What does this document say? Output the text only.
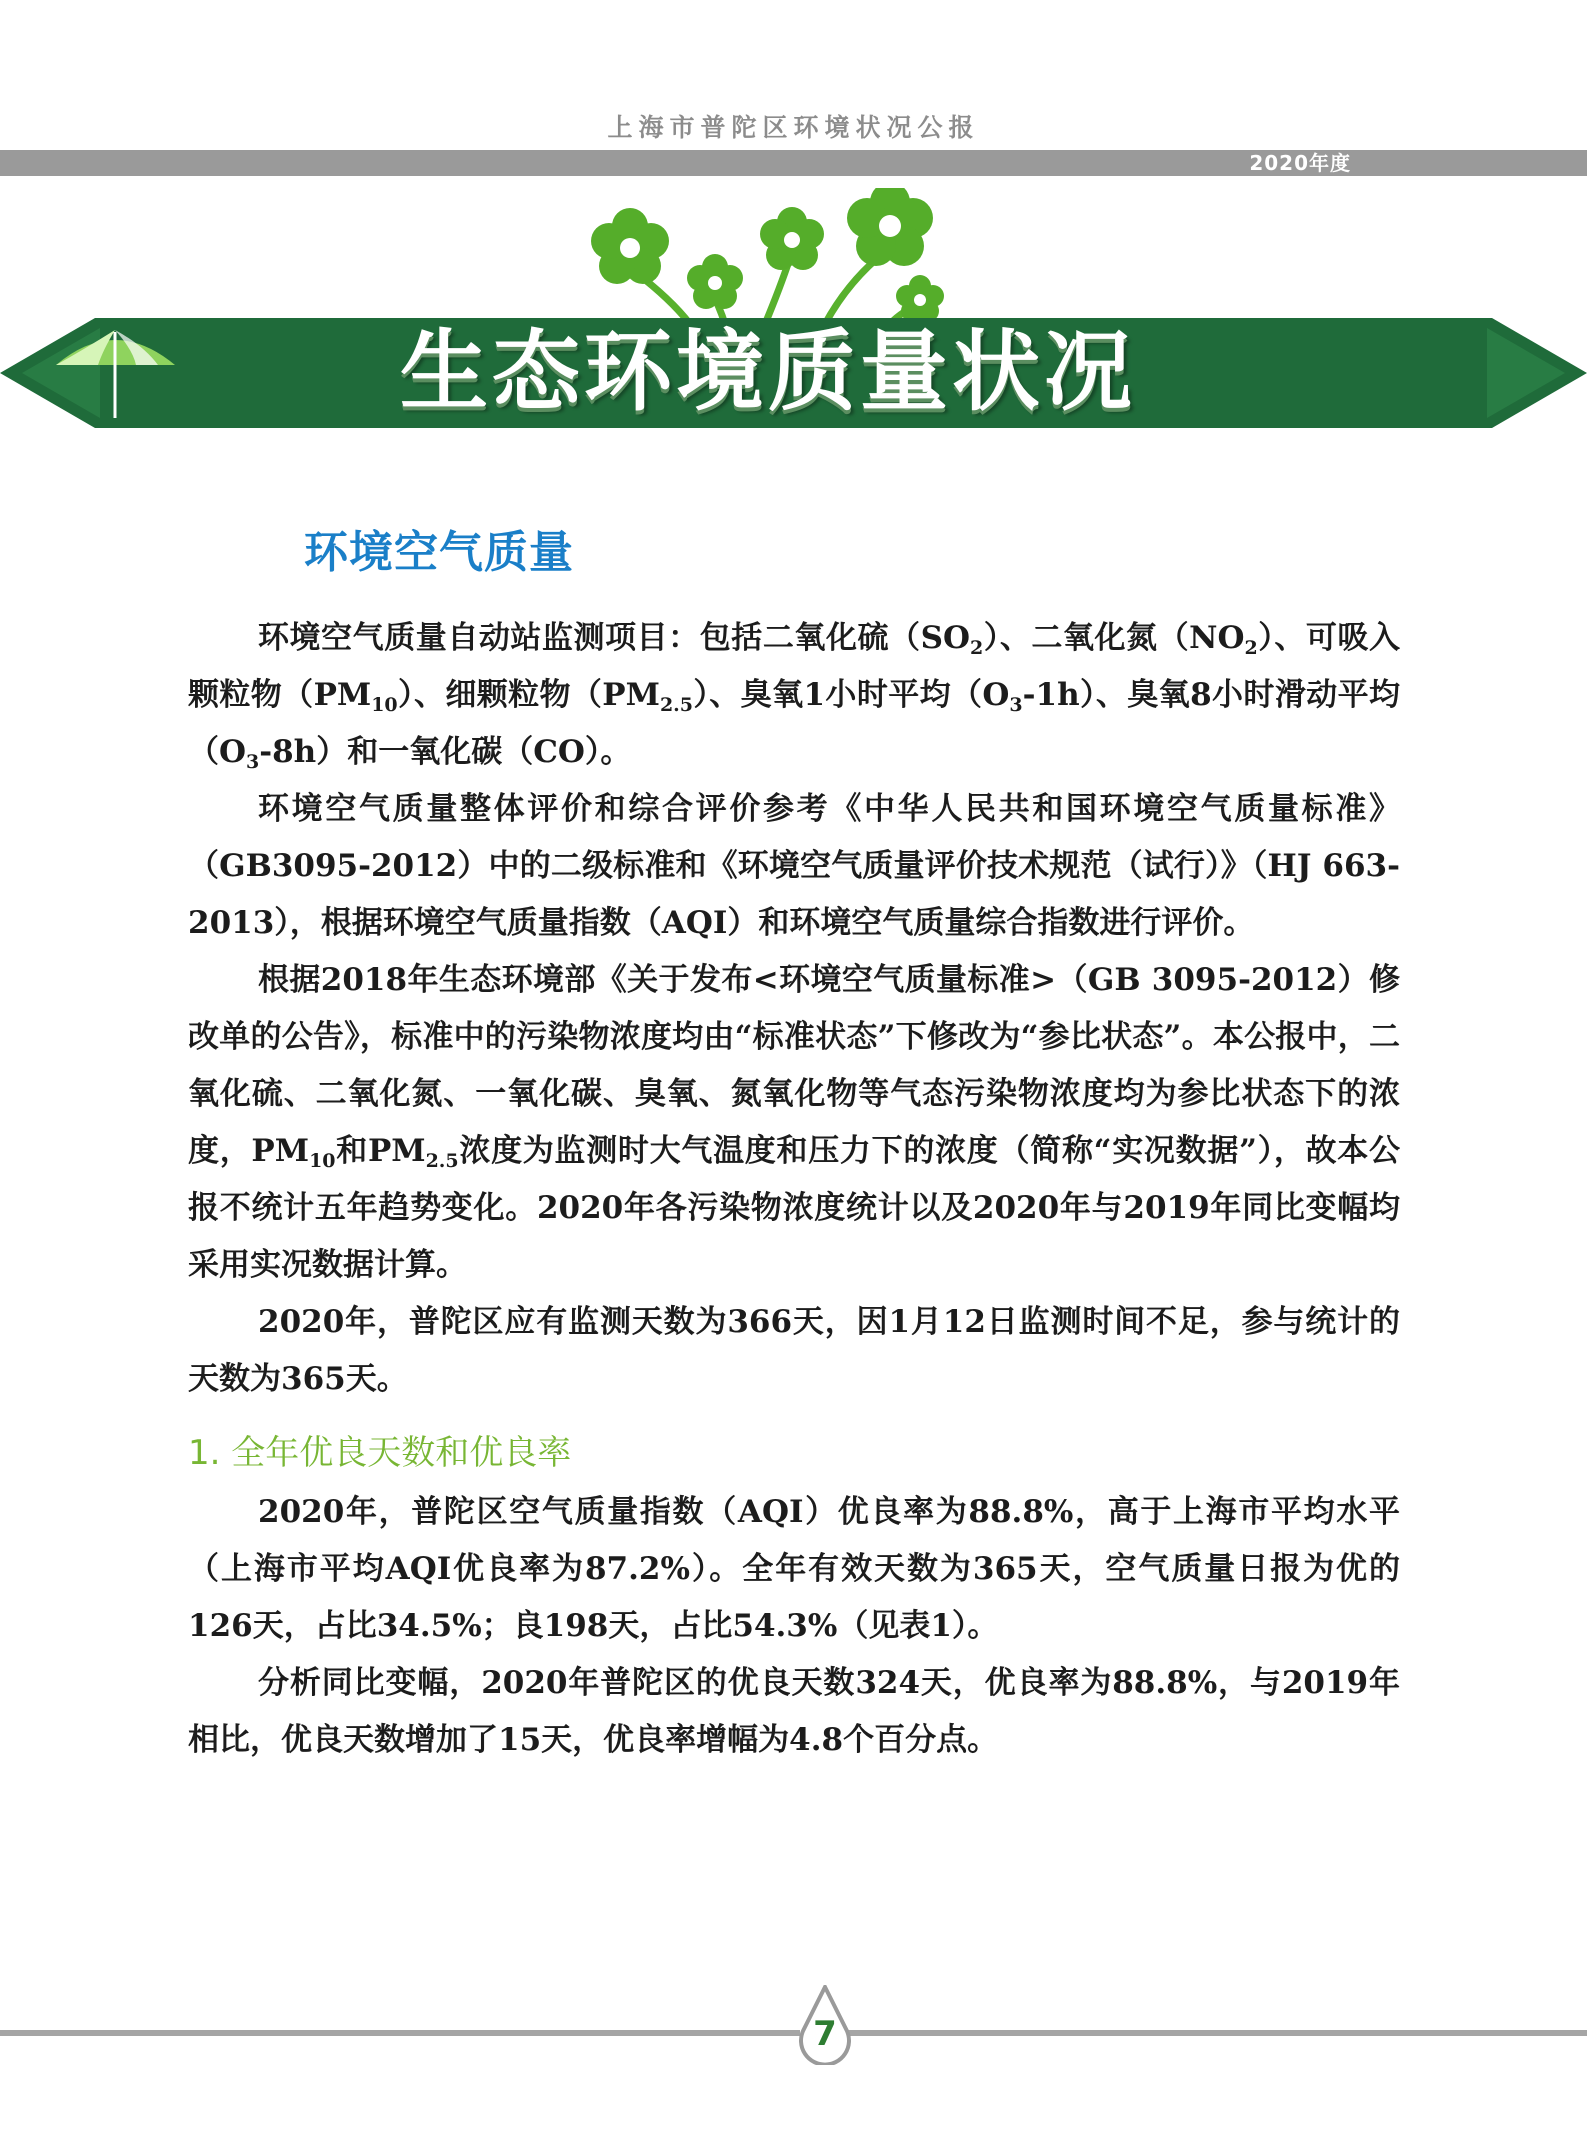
上海市普陀区环境状况公报
2020年度
生态环境质量状况
环境空气质量

环境空气质量自动站监测项目：包括二氧化硫$(SO_2)$、二氧化氮$(NO_2)$、可吸入颗粒物$(PM_{10})$、细颗粒物$(PM_{2.5})$、臭氧1小时平均$(O_3-1h)$、臭氧8小时滑动平均$(O_3-8h)$和一氧化碳（CO）。

环境空气质量整体评价和综合评价参考《中华人民共和国环境空气质量标准》（GB3095-2012）中的二级标准和《环境空气质量评价技术规范（试行）》（HJ 663-2013），根据环境空气质量指数（AQI）和环境空气质量综合指数进行评价。

根据2018年生态环境部《关于发布<环境空气质量标准>（GB 3095-2012）修改单的公告》，标准中的污染物浓度均由“标准状态”下修改为“参比状态”。本公报中，二氧化硫、二氧化氮、一氧化碳、臭氧、氮氧化物等气态污染物浓度均为参比状态下的浓度，$PM_{10}$和$PM_{2.5}$浓度为监测时大气温度和压力下的浓度（简称“实况数据”），故本公报不统计五年趋势变化。2020年各污染物浓度统计以及2020年与2019年同比变幅均采用实况数据计算。

2020年，普陀区应有监测天数为366天，因1月12日监测时间不足，参与统计的天数为365天。

1. 全年优良天数和优良率

2020年，普陀区空气质量指数（AQI）优良率为88.8%，高于上海市平均水平（上海市平均AQI优良率为87.2%）。全年有效天数为365天，空气质量日报为优的126天，占比34.5%；良198天，占比54.3%（见表1）。

分析同比变幅，2020年普陀区的优良天数324天，优良率为88.8%，与2019年相比，优良天数增加了15天，优良率增幅为4.8个百分点。

7
